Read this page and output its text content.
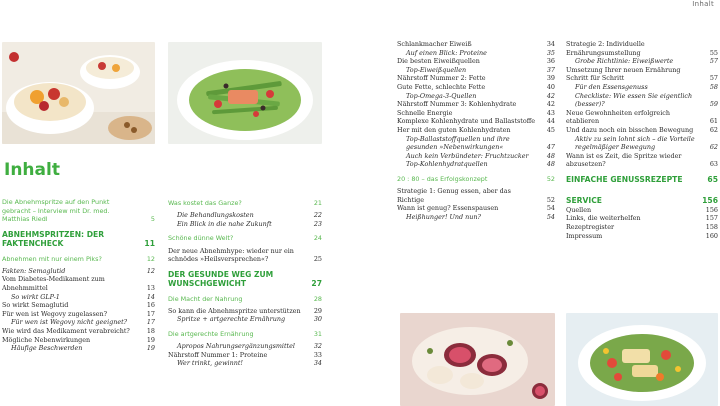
Inhalt
Inhalt
Die Abnehmspritze auf den Punkt gebracht – Interview mit Dr. med. Matthias Riedl	5
ABNEHMSPRITZEN: DER FAKTENCHECK	11
Abnehmen mit nur einem Piks?	12
Fakten: Semaglutid	12
Vom Diabetes-Medikament zum Abnehmmittel	13
So wirkt GLP-1	14
So wirkt Semaglutid	16
Für wen ist Wegovy zugelassen?	17
Für wen ist Wegovy nicht geeignet?	17
Wie wird das Medikament verabreicht?	18
Mögliche Nebenwirkungen	19
Häufige Beschwerden	19
Was kostet das Ganze?	21
Die Behandlungskosten	22
Ein Blick in die nahe Zukunft	23
Schöne dünne Welt?	24
Der neue Abnehmhype: wieder nur ein schnödes »Heilsversprechen«?	25
DER GESUNDE WEG ZUM WUNSCHGEWICHT	27
Die Macht der Nahrung	28
So kann die Abnehmspritze unterstützen 29
Spritze + artgerechte Ernährung	30
Die artgerechte Ernährung	31
Apropos Nahrungsergänzungsmittel	32
Nährstoff Nummer 1: Proteine	33
Wer trinkt, gewinnt!	34
Schlankmacher Eiweiß	34
Auf einen Blick: Proteine	35
Die besten Eiweißquellen	36
Top-Eiweißquellen	37
Nährstoff Nummer 2: Fette	39
Gute Fette, schlechte Fette	40
Top-Omega-3-Quellen	42
Nährstoff Nummer 3: Kohlenhydrate	42
Schnelle Energie	43
Komplexe Kohlenhydrate und Ballaststoffe 44
Her mit den guten Kohlenhydraten	45
Top-Ballaststoffquellen und ihre gesunden »Nebenwirkungen«	47
Auch kein Verbündeter: Fruchtzucker	48
Top-Kohlenhydratquellen	48
20 : 80 – das Erfolgskonzept	52
Strategie 1: Genug essen, aber das Richtige	52
Wann ist genug? Essenspausen	54
Heißhunger! Und nun?	54
Strategie 2: Individuelle Ernährungsumstellung	55
Grobe Richtlinie: Eiweißwerte	57
Umsetzung Ihrer neuen Ernährung Schritt für Schritt	57
Für den Essensgenuss	58
Checkliste: Wie essen Sie eigentlich (besser)?	59
Neue Gewohnheiten erfolgreich etablieren	61
Und dazu noch ein bisschen Bewegung	62
Aktiv zu sein lohnt sich – die Vorteile regelmäßiger Bewegung	62
Wann ist es Zeit, die Spritze wieder abzusetzen?	63
EINFACHE GENUSSREZEPTE	65
SERVICE	156
Quellen	156
Links, die weiterhelfen	157
Rezeptregister	158
Impressum	160
